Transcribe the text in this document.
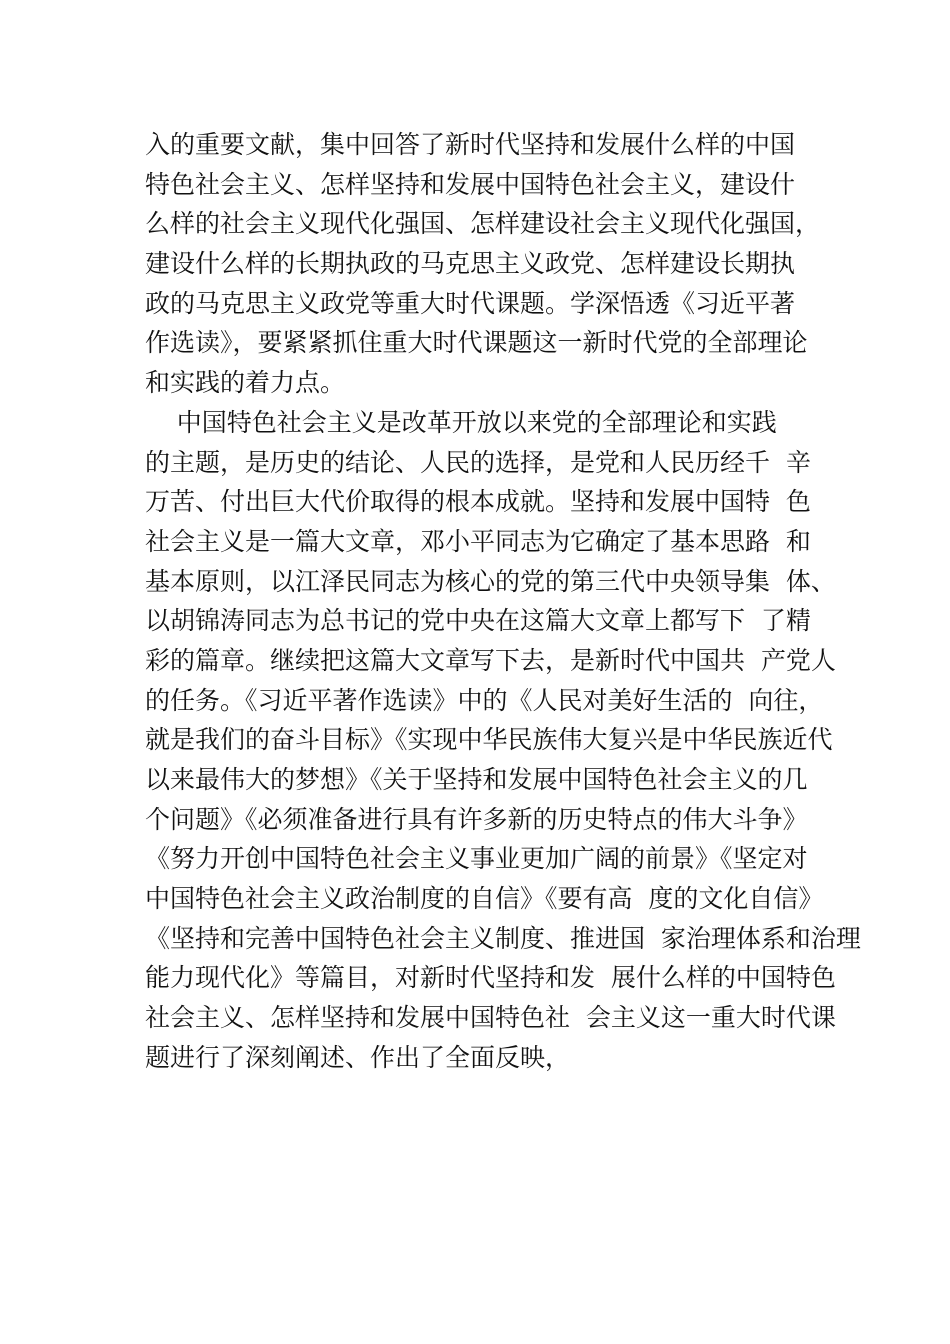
入的重要文献，集中回答了新时代坚持和发展什么样的中国
特色社会主义、怎样坚持和发展中国特色社会主义，建设什
么样的社会主义现代化强国、怎样建设社会主义现代化强国，
建设什么样的长期执政的马克思主义政党、怎样建设长期执
政的马克思主义政党等重大时代课题。学深悟透《习近平著
作选读》，要紧紧抓住重大时代课题这一新时代党的全部理论
和实践的着力点。
中国特色社会主义是改革开放以来党的全部理论和实践
的主题，是历史的结论、人民的选择，是党和人民历经千  辛
万苦、付出巨大代价取得的根本成就。坚持和发展中国特  色
社会主义是一篇大文章，邓小平同志为它确定了基本思路  和
基本原则，以江泽民同志为核心的党的第三代中央领导集  体、
以胡锦涛同志为总书记的党中央在这篇大文章上都写下  了精
彩的篇章。继续把这篇大文章写下去，是新时代中国共  产党人
的任务。《习近平著作选读》中的《人民对美好生活的  向往，
就是我们的奋斗目标》《实现中华民族伟大复兴是中华民族近代
以来最伟大的梦想》《关于坚持和发展中国特色社会主义的几
个问题》《必须准备进行具有许多新的历史特点的伟大斗争》
《努力开创中国特色社会主义事业更加广阔的前景》《坚定对
中国特色社会主义政治制度的自信》《要有高  度的文化自信》
《坚持和完善中国特色社会主义制度、推进国  家治理体系和治理
能力现代化》等篇目，对新时代坚持和发  展什么样的中国特色
社会主义、怎样坚持和发展中国特色社  会主义这一重大时代课
题进行了深刻阐述、作出了全面反映，
